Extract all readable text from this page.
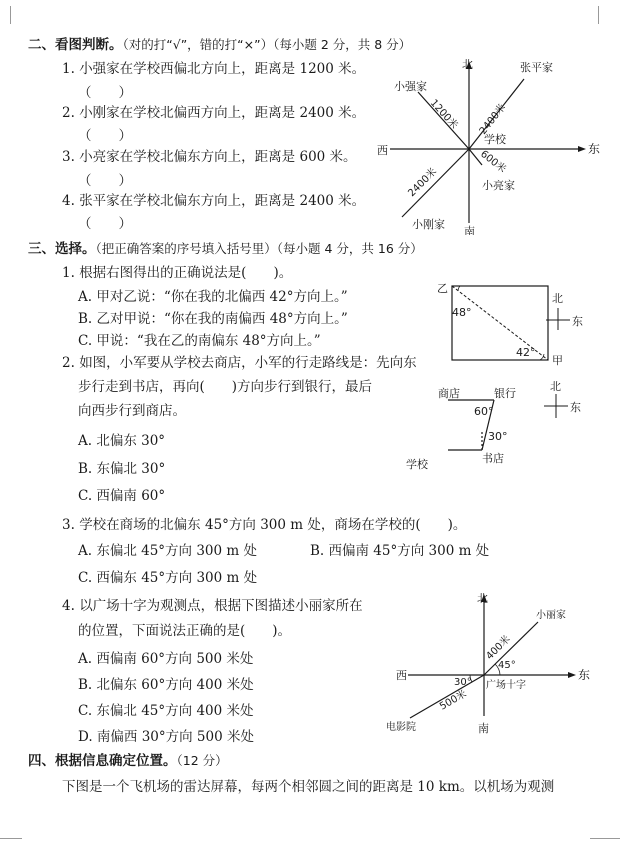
二、看图判断。（对的打“√”，错的打“×”）（每小题 2 分，共 8 分）
1. 小强家在学校西偏北方向上，距离是 1200 米。
（　　）
2. 小刚家在学校北偏西方向上，距离是 2400 米。
（　　）
3. 小亮家在学校北偏东方向上，距离是 600 米。
（　　）
4. 张平家在学校北偏东方向上，距离是 2400 米。
（　　）
北
东
西
南
学校
小强家
张平家
小亮家
小刚家
1200米 2400米
600米
2400米
三、选择。（把正确答案的序号填入括号里）（每小题 4 分，共 16 分）
1. 根据右图得出的正确说法是(　　)。
A. 甲对乙说：“你在我的北偏西 42°方向上。”
B. 乙对甲说：“你在我的南偏西 48°方向上。”
C. 甲说：“我在乙的南偏东 48°方向上。”
乙
甲
48°
42°
北
东
2. 如图，小军要从学校去商店，小军的行走路线是：先向东
步行走到书店，再向(　　)方向步行到银行，最后
向西步行到商店。
A. 北偏东 30°
B. 东偏北 30°
C. 西偏南 60°
商店	银行
学校	书店
60°
30°
北
东
3. 学校在商场的北偏东 45°方向 300 m 处，商场在学校的(　　)。
A. 东偏北 45°方向 300 m 处	B. 西偏南 45°方向 300 m 处
C. 西偏东 45°方向 300 m 处
4. 以广场十字为观测点，根据下图描述小丽家所在
的位置，下面说法正确的是(　　)。
A. 西偏南 60°方向 500 米处
B. 北偏东 60°方向 400 米处
C. 东偏北 45°方向 400 米处
D. 南偏西 30°方向 500 米处
北
东
西
南
广场十字
小丽家
电影院
400米
500米
45°
30°
四、根据信息确定位置。（12 分）
下图是一个飞机场的雷达屏幕，每两个相邻圆之间的距离是 10 km。以机场为观测
